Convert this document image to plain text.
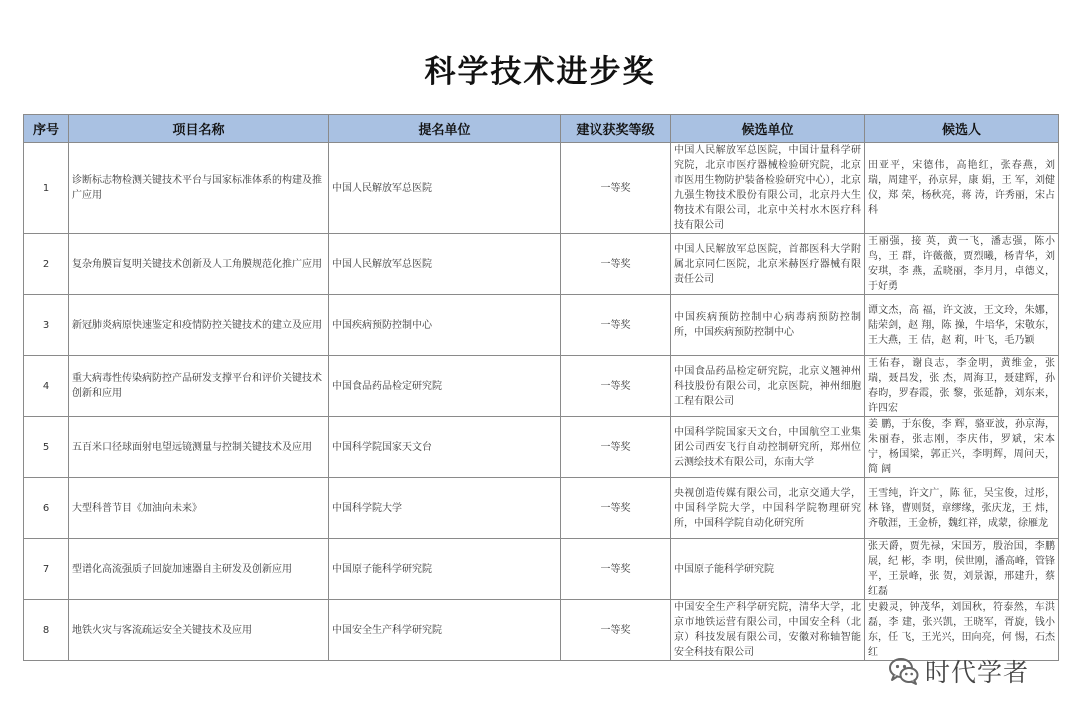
科学技术进步奖
序号	项目名称	提名单位	建议获奖等级	候选单位	候选人
1	诊断标志物检测关键技术平台与国家标准体系的构建及推广应用	中国人民解放军总医院	一等奖	中国人民解放军总医院，中国计量科学研究院，北京市医疗器械检验研究院，北京市医用生物防护装备检验研究中心），北京九强生物技术股份有限公司，北京丹大生物技术有限公司，北京中关村水木医疗科技有限公司	田亚平，宋德伟，高艳红，张春燕，刘瑞，周建平，孙京昇，康 娟，王 军，刘健仪，郑 荣，杨秋亮，蒋 涛，许秀丽，宋占科
2	复杂角膜盲复明关键技术创新及人工角膜规范化推广应用	中国人民解放军总医院	一等奖	中国人民解放军总医院，首都医科大学附属北京同仁医院，北京米赫医疗器械有限责任公司	王丽强，接 英，黄一飞，潘志强，陈小鸟，王 群，许薇薇，贾烈曦，杨青华，刘安琪，李 燕，孟晓丽，李月月，卓德义，于好勇
3	新冠肺炎病原快速鉴定和疫情防控关键技术的建立及应用	中国疾病预防控制中心	一等奖	中国疾病预防控制中心病毒病预防控制所，中国疾病预防控制中心	谭文杰，高 福，许文波，王文玲，朱娜，陆荣剑，赵 翔，陈 操，牛培华，宋敬东，王大燕，王 佶，赵 莉，叶飞，毛乃颖
4	重大病毒性传染病防控产品研发支撑平台和评价关键技术创新和应用	中国食品药品检定研究院	一等奖	中国食品药品检定研究院，北京义翘神州科技股份有限公司，北京医院，神州细胞工程有限公司	王佑春，谢良志，李金明，黄维金，张瑞，聂昌发，张 杰，周海卫，聂建辉，孙春昀，罗春霞，张 黎，张延静，刘东来，许四宏
5	五百米口径球面射电望远镜测量与控制关键技术及应用	中国科学院国家天文台	一等奖	中国科学院国家天文台，中国航空工业集团公司西安飞行自动控制研究所，郑州位云测绘技术有限公司，东南大学	姜 鹏，于东俊，李 辉，骆亚波，孙京海，朱丽春，张志刚，李庆伟，罗斌，宋本宁，杨国梁，郭正兴，李明辉，周问天，简 阔
6	大型科普节目《加油向未来》	中国科学院大学	一等奖	央视创造传媒有限公司，北京交通大学，中国科学院大学，中国科学院物理研究所，中国科学院自动化研究所	王雪纯，许文广，陈 征，吴宝俊，过彤，林 锋，曹则贤，章缪缘，张庆龙，王 炜，齐敬涯，王金桥，魏红祥，成蒙，徐雁龙
7	型谱化高流强质子回旋加速器自主研发及创新应用	中国原子能科学研究院	一等奖	中国原子能科学研究院	张天爵，贾先禄，宋国芳，殷治国，李鹏展，纪 彬，李 明，侯世刚，潘高峰，管锋平，王景峰，张 贺，刘景源，邢建升，蔡红磊
8	地铁火灾与客流疏运安全关键技术及应用	中国安全生产科学研究院	一等奖	中国安全生产科学研究院，清华大学，北京市地铁运营有限公司，中国安全科（北京）科技发展有限公司，安徽对称轴智能安全科技有限公司	史毅灵，钟茂华，刘国秋，符泰然，车洪磊，李 建，张兴凯，王晓军，胥旋，钱小东，任 飞，王光兴，田向亮，何 惕，石杰红
时代学者
